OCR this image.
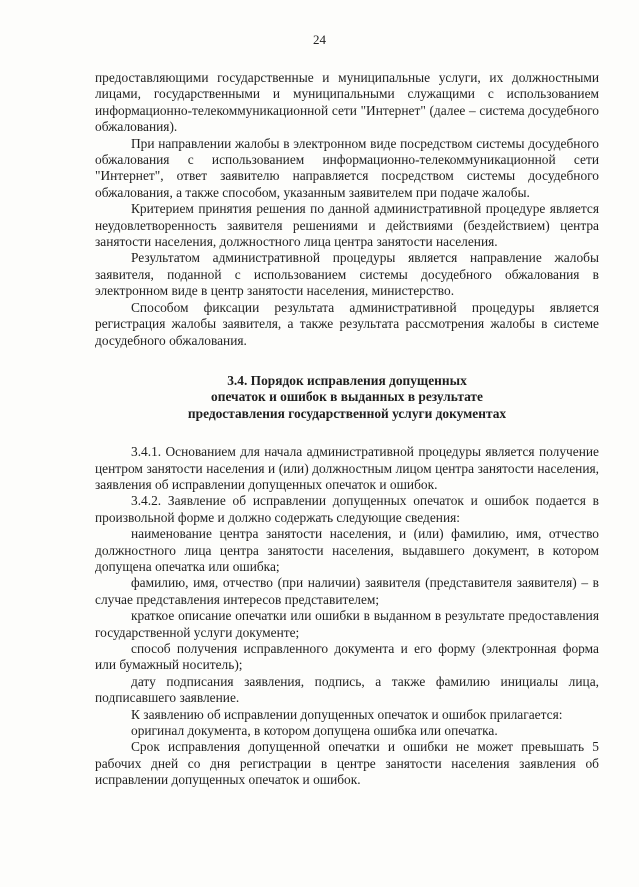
24

предоставляющими государственные и муниципальные услуги, их должностными лицами, государственными и муниципальными служащими с использованием информационно-телекоммуникационной сети "Интернет" (далее – система досудебного обжалования).

При направлении жалобы в электронном виде посредством системы досудебного обжалования с использованием информационно-телекоммуникационной сети "Интернет", ответ заявителю направляется посредством системы досудебного обжалования, а также способом, указанным заявителем при подаче жалобы.

Критерием принятия решения по данной административной процедуре является неудовлетворенность заявителя решениями и действиями (бездействием) центра занятости населения, должностного лица центра занятости населения.

Результатом административной процедуры является направление жалобы заявителя, поданной с использованием системы досудебного обжалования в электронном виде в центр занятости населения, министерство.

Способом фиксации результата административной процедуры является регистрация жалобы заявителя, а также результата рассмотрения жалобы в системе досудебного обжалования.

3.4. Порядок исправления допущенных
опечаток и ошибок в выданных в результате
предоставления государственной услуги документах

3.4.1. Основанием для начала административной процедуры является получение центром занятости населения и (или) должностным лицом центра занятости населения, заявления об исправлении допущенных опечаток и ошибок.

3.4.2. Заявление об исправлении допущенных опечаток и ошибок подается в произвольной форме и должно содержать следующие сведения:

наименование центра занятости населения, и (или) фамилию, имя, отчество должностного лица центра занятости населения, выдавшего документ, в котором допущена опечатка или ошибка;

фамилию, имя, отчество (при наличии) заявителя (представителя заявителя) – в случае представления интересов представителем;

краткое описание опечатки или ошибки в выданном в результате предоставления государственной услуги документе;

способ получения исправленного документа и его форму (электронная форма или бумажный носитель);

дату подписания заявления, подпись, а также фамилию инициалы лица, подписавшего заявление.

К заявлению об исправлении допущенных опечаток и ошибок прилагается:

оригинал документа, в котором допущена ошибка или опечатка.

Срок исправления допущенной опечатки и ошибки не может превышать 5 рабочих дней со дня регистрации в центре занятости населения заявления об исправлении допущенных опечаток и ошибок.
